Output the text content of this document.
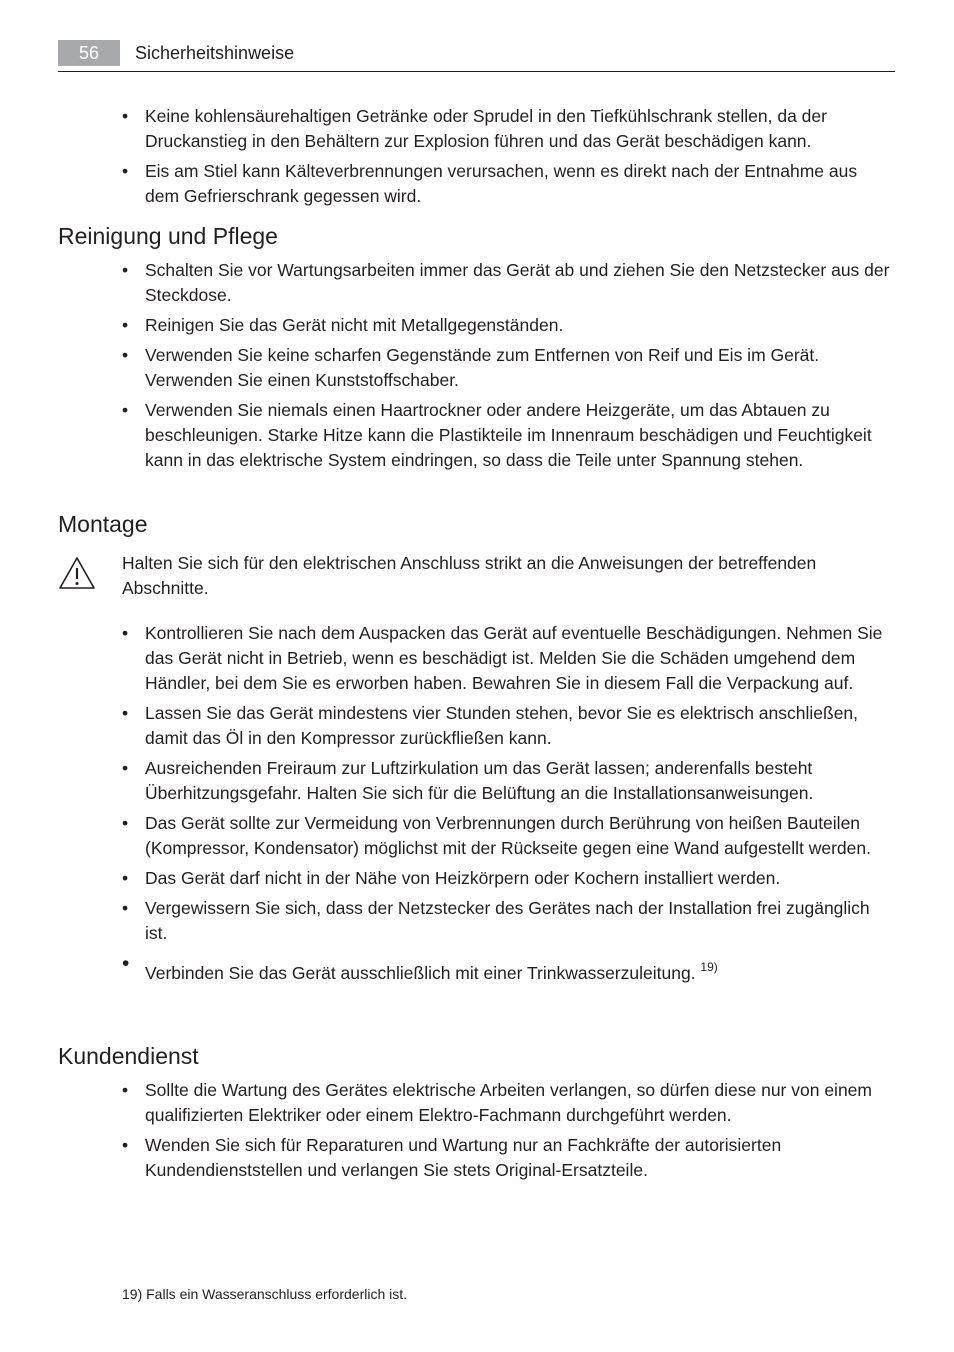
56	Sicherheitshinweise
• Keine kohlensäurehaltigen Getränke oder Sprudel in den Tiefkühlschrank stellen, da der Druckanstieg in den Behältern zur Explosion führen und das Gerät beschädigen kann.
• Eis am Stiel kann Kälteverbrennungen verursachen, wenn es direkt nach der Entnahme aus dem Gefrierschrank gegessen wird.
Reinigung und Pflege
• Schalten Sie vor Wartungsarbeiten immer das Gerät ab und ziehen Sie den Netzstecker aus der Steckdose.
• Reinigen Sie das Gerät nicht mit Metallgegenständen.
• Verwenden Sie keine scharfen Gegenstände zum Entfernen von Reif und Eis im Gerät. Verwenden Sie einen Kunststoffschaber.
• Verwenden Sie niemals einen Haartrockner oder andere Heizgeräte, um das Abtauen zu beschleunigen. Starke Hitze kann die Plastikteile im Innenraum beschädigen und Feuchtigkeit kann in das elektrische System eindringen, so dass die Teile unter Spannung stehen.
Montage
Halten Sie sich für den elektrischen Anschluss strikt an die Anweisungen der betreffenden Abschnitte.
• Kontrollieren Sie nach dem Auspacken das Gerät auf eventuelle Beschädigungen. Nehmen Sie das Gerät nicht in Betrieb, wenn es beschädigt ist. Melden Sie die Schäden umgehend dem Händler, bei dem Sie es erworben haben. Bewahren Sie in diesem Fall die Verpackung auf.
• Lassen Sie das Gerät mindestens vier Stunden stehen, bevor Sie es elektrisch anschließen, damit das Öl in den Kompressor zurückfließen kann.
• Ausreichenden Freiraum zur Luftzirkulation um das Gerät lassen; anderenfalls besteht Überhitzungsgefahr. Halten Sie sich für die Belüftung an die Installationsanweisungen.
• Das Gerät sollte zur Vermeidung von Verbrennungen durch Berührung von heißen Bauteilen (Kompressor, Kondensator) möglichst mit der Rückseite gegen eine Wand aufgestellt werden.
• Das Gerät darf nicht in der Nähe von Heizkörpern oder Kochern installiert werden.
• Vergewissern Sie sich, dass der Netzstecker des Gerätes nach der Installation frei zugänglich ist.
• Verbinden Sie das Gerät ausschließlich mit einer Trinkwasserzuleitung. $^{19)}$
Kundendienst
• Sollte die Wartung des Gerätes elektrische Arbeiten verlangen, so dürfen diese nur von einem qualifizierten Elektriker oder einem Elektro-Fachmann durchgeführt werden.
• Wenden Sie sich für Reparaturen und Wartung nur an Fachkräfte der autorisierten Kundendienststellen und verlangen Sie stets Original-Ersatzteile.
19) Falls ein Wasseranschluss erforderlich ist.
